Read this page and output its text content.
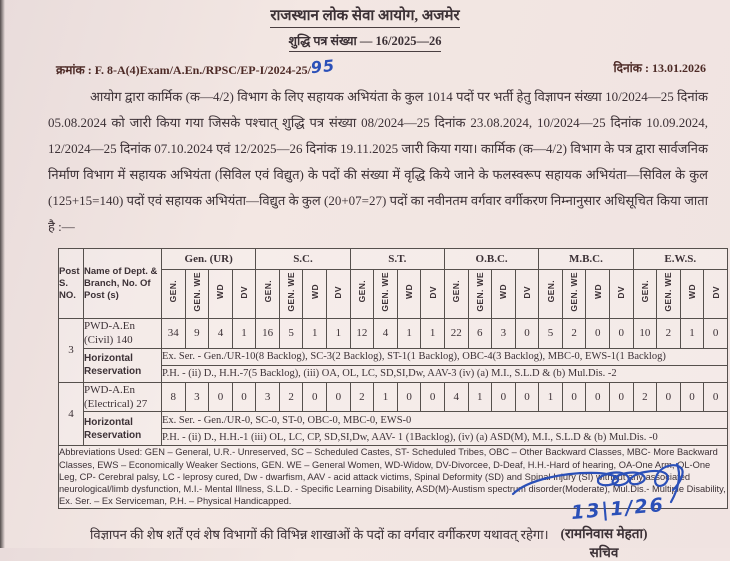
राजस्थान लोक सेवा आयोग, अजमेर
शुद्धि पत्र संख्या — 16/2025—26
क्रमांक : F. 8-A(4)Exam/A.En./RPSC/EP-I/2024-25/95	दिनांक : 13.01.2026
आयोग द्वारा कार्मिक (क—4/2) विभाग के लिए सहायक अभियंता के कुल 1014 पदों पर भर्ती हेतु विज्ञापन संख्या 10/2024—25 दिनांक 05.08.2024 को जारी किया गया जिसके पश्चात् शुद्धि पत्र संख्या 08/2024—25 दिनांक 23.08.2024, 10/2024—25 दिनांक 10.09.2024, 12/2024—25 दिनांक 07.10.2024 एवं 12/2025—26 दिनांक 19.11.2025 जारी किया गया। कार्मिक (क—4/2) विभाग के पत्र द्वारा सार्वजनिक निर्माण विभाग में सहायक अभियंता (सिविल एवं विद्युत) के पदों की संख्या में वृद्धि किये जाने के फलस्वरूप सहायक अभियंता—सिविल के कुल (125+15=140) पदों एवं सहायक अभियंता—विद्युत के कुल (20+07=27) पदों का नवीनतम वर्गवार वर्गीकरण निम्नानुसार अधिसूचित किया जाता है :—
Post S. NO.	Name of Dept. & Branch, No. Of Post (s)	Gen. (UR)				S.C.				S.T.				O.B.C.				M.B.C.				E.W.S.			
		GEN.	GEN. WE	WD	DV	GEN.	GEN. WE	WD	DV	GEN.	GEN. WE	WD	DV	GEN.	GEN. WE	WD	DV	GEN.	GEN. WE	WD	DV	GEN.	GEN. WE	WD	DV
3	PWD-A.En (Civil) 140	34	9	4	1	16	5	1	1	12	4	1	1	22	6	3	0	5	2	0	0	10	2	1	0
	Horizontal Reservation	Ex. Ser. - Gen./UR-10(8 Backlog), SC-3(2 Backlog), ST-1(1 Backlog), OBC-4(3 Backlog), MBC-0, EWS-1(1 Backlog)																							
		P.H. - (ii) D., H.H.-7(5 Backlog), (iii) OA, OL, LC, SD,SI,Dw, AAV-3 (iv) (a) M.I., S.L.D & (b) Mul.Dis. -2																							
4	PWD-A.En (Electrical) 27	8	3	0	0	3	2	0	0	2	1	0	0	4	1	0	0	1	0	0	0	2	0	0	0
	Horizontal Reservation	Ex. Ser. - Gen./UR-0, SC-0, ST-0, OBC-0, MBC-0, EWS-0																							
		P.H. - (ii) D., H.H.-1 (iii) OL, LC, CP, SD,SI,Dw, AAV- 1 (1Backlog), (iv) (a) ASD(M), M.I., S.L.D & (b) Mul.Dis. -0																							
Abbreviations Used: GEN – General, U.R.- Unreserved, SC – Scheduled Castes, ST- Scheduled Tribes, OBC – Other Backward Classes, MBC- More Backward Classes, EWS – Economically Weaker Sections, GEN. WE – General Women, WD-Widow, DV-Divorcee, D-Deaf, H.H.-Hard of hearing, OA-One Arm, OL-One Leg, CP- Cerebral palsy, LC - leprosy cured, Dw - dwarfism, AAV - acid attack victims, Spinal Deformity (SD) and Spinal Injury (SI) without any associated neurological/limb dysfunction, M.I.- Mental Illness, S.L.D. - Specific Learning Disability, ASD(M)-Austism spectrum disorder(Moderate), Mul.Dis.- Multiple Disability, Ex. Ser. – Ex Serviceman, P.H. – Physical Handicapped.																									
विज्ञापन की शेष शर्तें एवं शेष विभागों की विभिन्न शाखाओं के पदों का वर्गवार वर्गीकरण यथावत् रहेगा।
13|1/26
(रामनिवास मेहता)
सचिव
